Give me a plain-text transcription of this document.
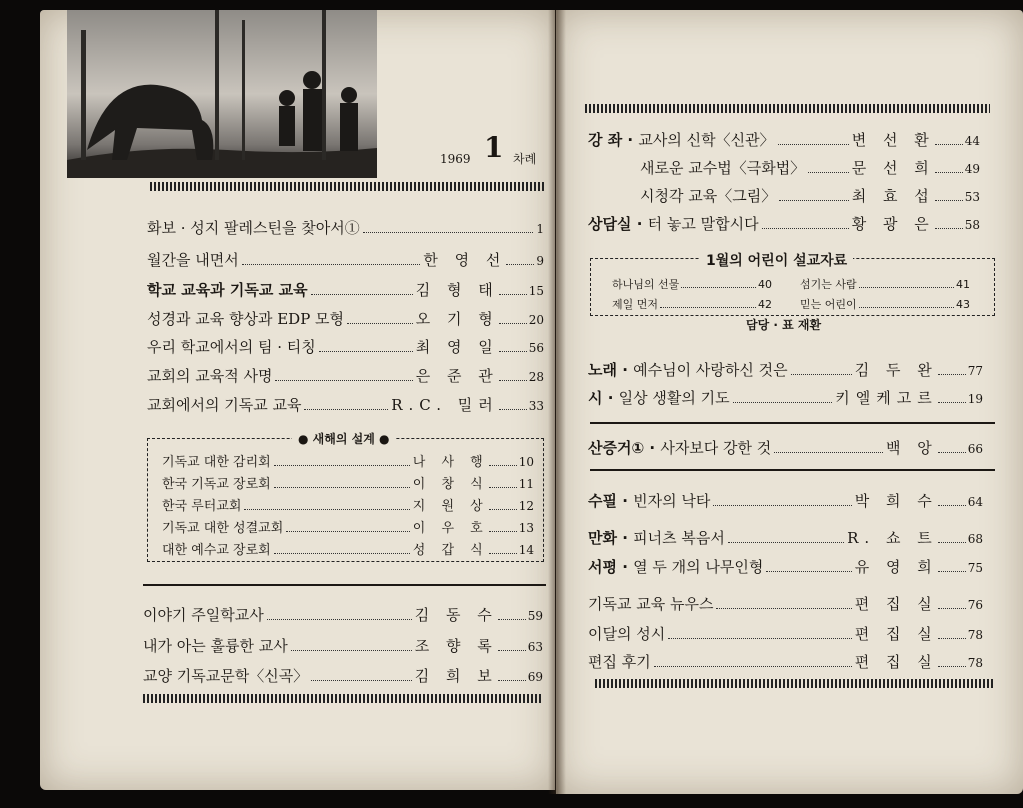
1969 1 차례
화보 · 성지 팔레스틴을 찾아서①	1
월간을 내면서	한 영 선	9
학교 교육과 기독교 교육	김 형 태	15
성경과 교육 향상과 EDP 모형	오 기 형	20
우리 학교에서의 팀 · 티칭	최 영 일	56
교회의 교육적 사명	은 준 관	28
교회에서의 기독교 교육	R.C. 밀러	33
● 새해의 설계 ●
기독교 대한 감리회	나 사 행	10
한국 기독교 장로회	이 창 식	11
한국 루터교회	지 원 상	12
기독교 대한 성결교회	이 우 호	13
대한 예수교 장로회	성 갑 식	14
이야기 주일학교사	김 동 수	59
내가 아는 훌륭한 교사	조 향 록	63
교양 기독교문학〈신곡〉	김 희 보	69
강 좌 · 교사의 신학〈신관〉	변 선 환	44
새로운 교수법〈극화법〉	문 선 희	49
시청각 교육〈그림〉	최 효 섭	53
상담실 · 터 놓고 말합시다	황 광 은	58
1월의 어린이 설교자료
하나님의 선물	40	섬기는 사람	41
제일 먼저	42	믿는 어린이	43
담당 · 표 재환
노래 · 예수님이 사랑하신 것은	김 두 완	77
시 · 일상 생활의 기도	키엘케고르	19
산증거① · 사자보다 강한 것	백 앙	66
수필 · 빈자의 낙타	박 희 수	64
만화 · 피너츠 복음서	R. 쇼 트	68
서평 · 열 두 개의 나무인형	유 영 희	75
기독교 교육 뉴우스	편 집 실	76
이달의 성시	편 집 실	78
편집 후기	편 집 실	78
